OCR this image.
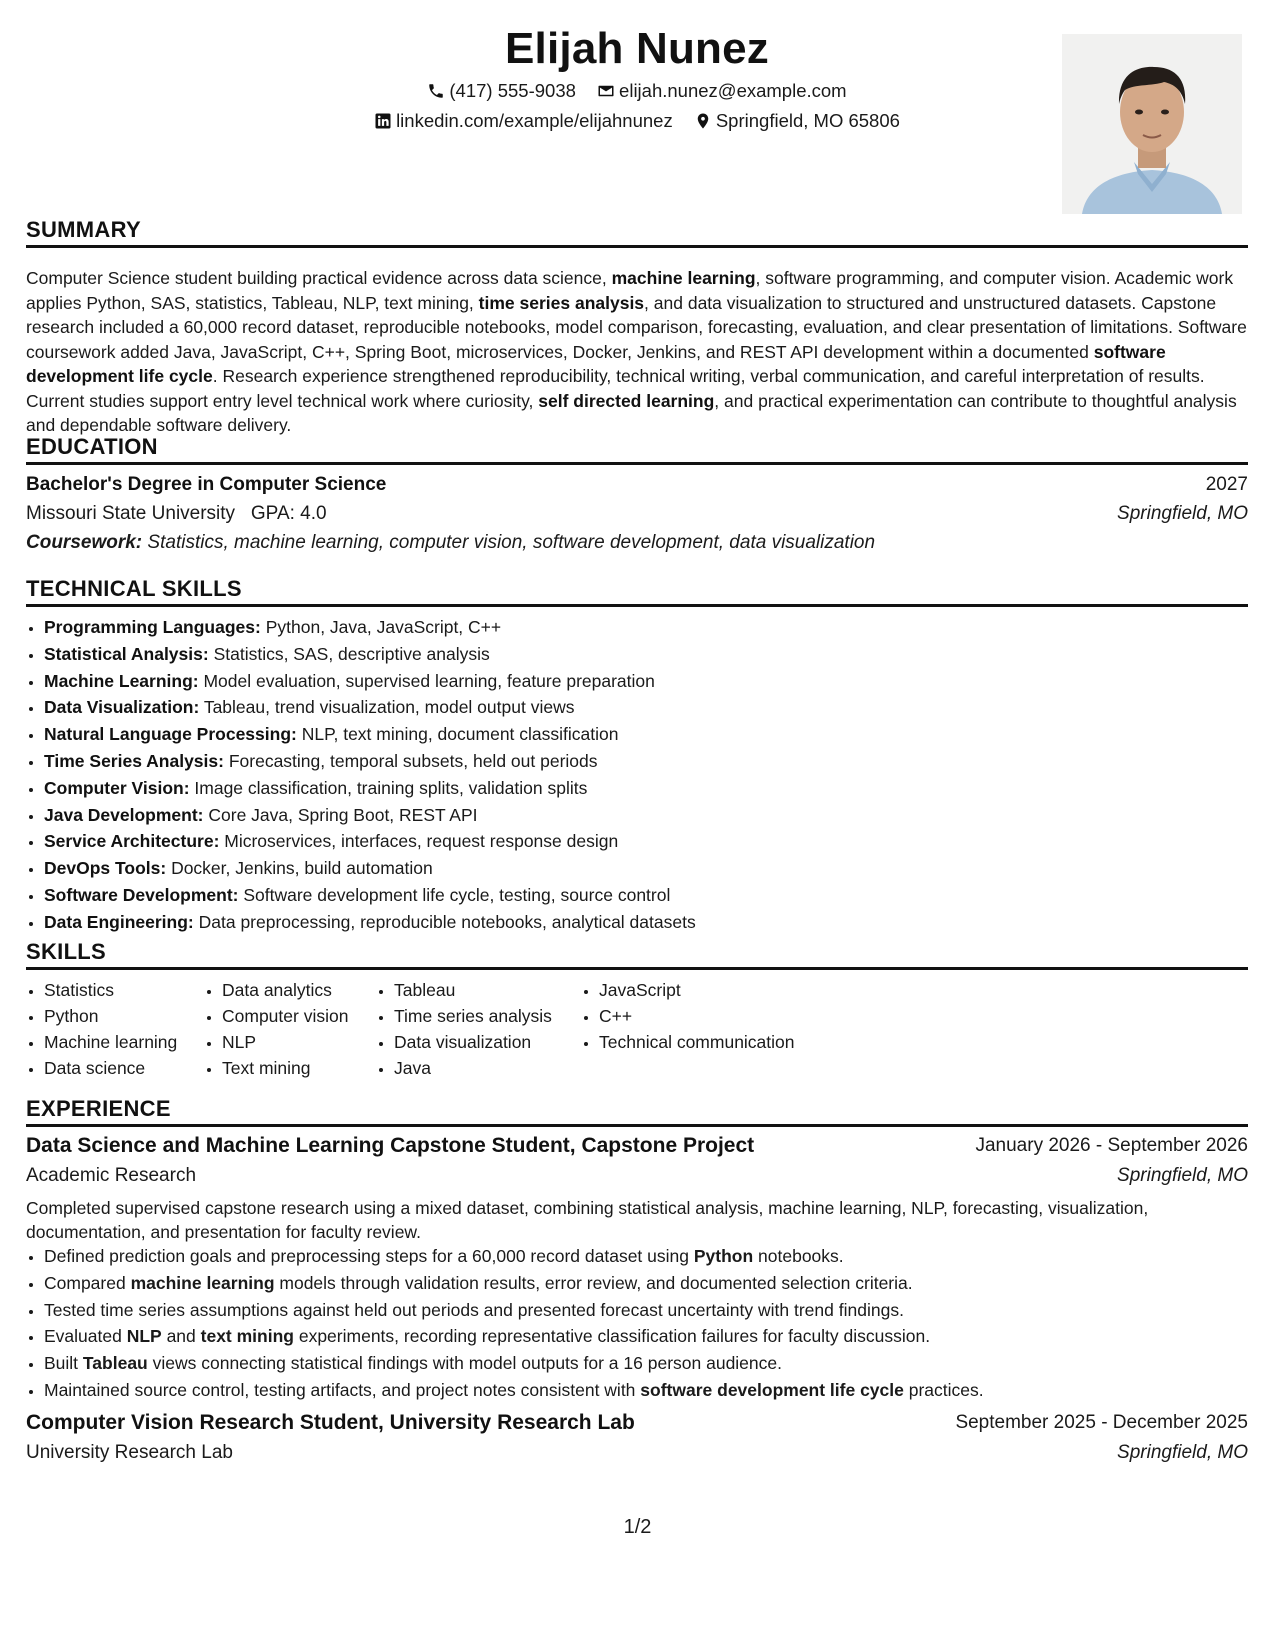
Elijah Nunez
(417) 555-9038
elijah.nunez@example.com
linkedin.com/example/elijahnunez
Springfield, MO 65806
SUMMARY
Computer Science student building practical evidence across data science, machine learning, software programming, and computer vision. Academic work applies Python, SAS, statistics, Tableau, NLP, text mining, time series analysis, and data visualization to structured and unstructured datasets. Capstone research included a 60,000 record dataset, reproducible notebooks, model comparison, forecasting, evaluation, and clear presentation of limitations. Software coursework added Java, JavaScript, C++, Spring Boot, microservices, Docker, Jenkins, and REST API development within a documented software development life cycle. Research experience strengthened reproducibility, technical writing, verbal communication, and careful interpretation of results. Current studies support entry level technical work where curiosity, self directed learning, and practical experimentation can contribute to thoughtful analysis and dependable software delivery.
EDUCATION
Bachelor's Degree in Computer Science	2027
Missouri State University GPA: 4.0	Springfield, MO
Coursework: Statistics, machine learning, computer vision, software development, data visualization
TECHNICAL SKILLS
• Programming Languages: Python, Java, JavaScript, C++
• Statistical Analysis: Statistics, SAS, descriptive analysis
• Machine Learning: Model evaluation, supervised learning, feature preparation
• Data Visualization: Tableau, trend visualization, model output views
• Natural Language Processing: NLP, text mining, document classification
• Time Series Analysis: Forecasting, temporal subsets, held out periods
• Computer Vision: Image classification, training splits, validation splits
• Java Development: Core Java, Spring Boot, REST API
• Service Architecture: Microservices, interfaces, request response design
• DevOps Tools: Docker, Jenkins, build automation
• Software Development: Software development life cycle, testing, source control
• Data Engineering: Data preprocessing, reproducible notebooks, analytical datasets
SKILLS
• Statistics
• Python
• Machine learning
• Data science
• Data analytics
• Computer vision
• NLP
• Text mining
• Tableau
• Time series analysis
• Data visualization
• Java
• JavaScript
• C++
• Technical communication
EXPERIENCE
Data Science and Machine Learning Capstone Student, Capstone Project	January 2026 - September 2026
Academic Research	Springfield, MO
Completed supervised capstone research using a mixed dataset, combining statistical analysis, machine learning, NLP, forecasting, visualization, documentation, and presentation for faculty review.
• Defined prediction goals and preprocessing steps for a 60,000 record dataset using Python notebooks.
• Compared machine learning models through validation results, error review, and documented selection criteria.
• Tested time series assumptions against held out periods and presented forecast uncertainty with trend findings.
• Evaluated NLP and text mining experiments, recording representative classification failures for faculty discussion.
• Built Tableau views connecting statistical findings with model outputs for a 16 person audience.
• Maintained source control, testing artifacts, and project notes consistent with software development life cycle practices.
Computer Vision Research Student, University Research Lab	September 2025 - December 2025
University Research Lab	Springfield, MO
1/2
